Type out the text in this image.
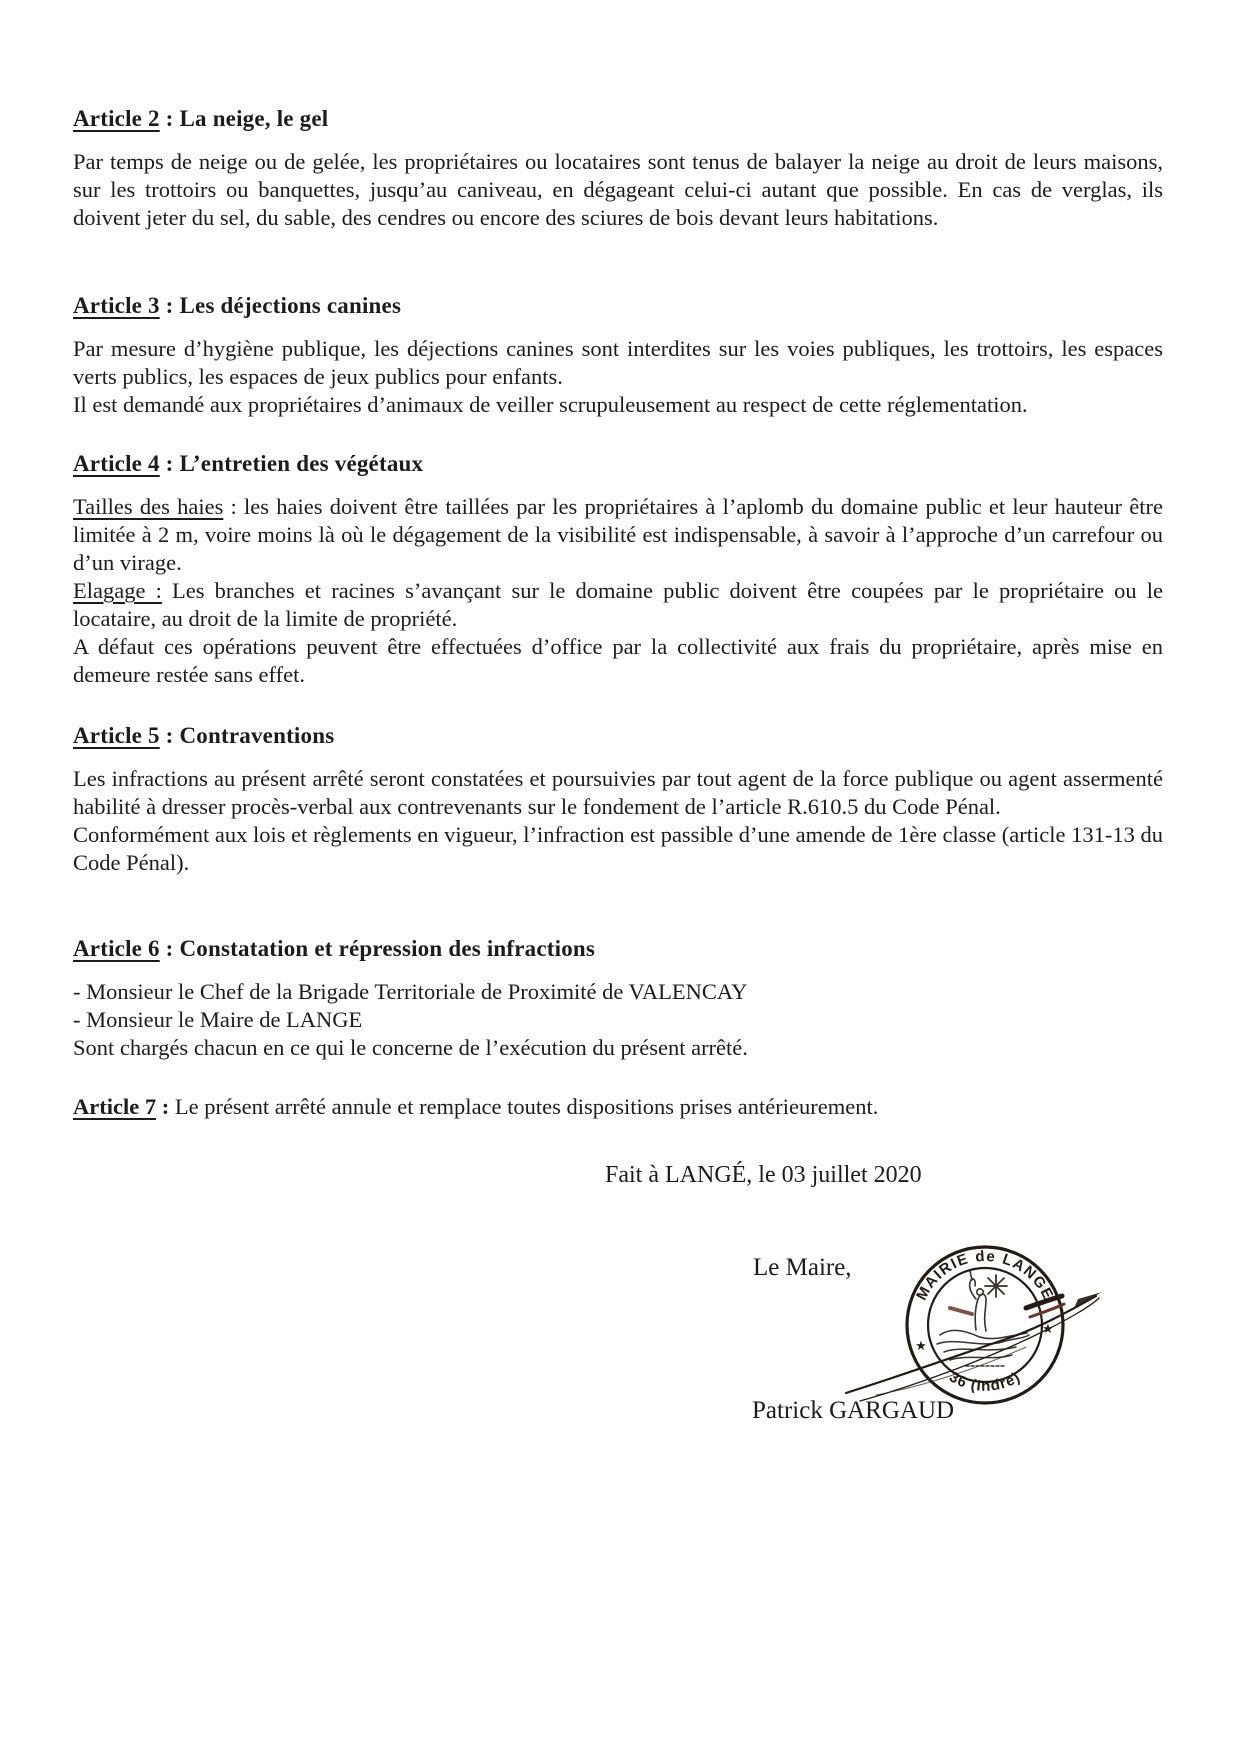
Article 2 : La neige, le gel

Par temps de neige ou de gelée, les propriétaires ou locataires sont tenus de balayer la neige au droit de leurs maisons, sur les trottoirs ou banquettes, jusqu’au caniveau, en dégageant celui-ci autant que possible. En cas de verglas, ils doivent jeter du sel, du sable, des cendres ou encore des sciures de bois devant leurs habitations.

Article 3 : Les déjections canines

Par mesure d’hygiène publique, les déjections canines sont interdites sur les voies publiques, les trottoirs, les espaces verts publics, les espaces de jeux publics pour enfants.

Il est demandé aux propriétaires d’animaux de veiller scrupuleusement au respect de cette réglementation.

Article 4 : L’entretien des végétaux

Tailles des haies : les haies doivent être taillées par les propriétaires à l’aplomb du domaine public et leur hauteur être limitée à 2 m, voire moins là où le dégagement de la visibilité est indispensable, à savoir à l’approche d’un carrefour ou d’un virage.

Elagage : Les branches et racines s’avançant sur le domaine public doivent être coupées par le propriétaire ou le locataire, au droit de la limite de propriété.

A défaut ces opérations peuvent être effectuées d’office par la collectivité aux frais du propriétaire, après mise en demeure restée sans effet.

Article 5 : Contraventions

Les infractions au présent arrêté seront constatées et poursuivies par tout agent de la force publique ou agent assermenté habilité à dresser procès-verbal aux contrevenants sur le fondement de l’article R.610.5 du Code Pénal.

Conformément aux lois et règlements en vigueur, l’infraction est passible d’une amende de 1ère classe (article 131-13 du Code Pénal).

Article 6 : Constatation et répression des infractions

- Monsieur le Chef de la Brigade Territoriale de Proximité de VALENCAY

- Monsieur le Maire de LANGE

Sont chargés chacun en ce qui le concerne de l’exécution du présent arrêté.

Article 7 : Le présent arrêté annule et remplace toutes dispositions prises antérieurement.

Fait à LANGÉ, le 03 juillet 2020
Le Maire,
Patrick GARGAUD
MAIRIE de LANGE
36 (Indre)
★
★
